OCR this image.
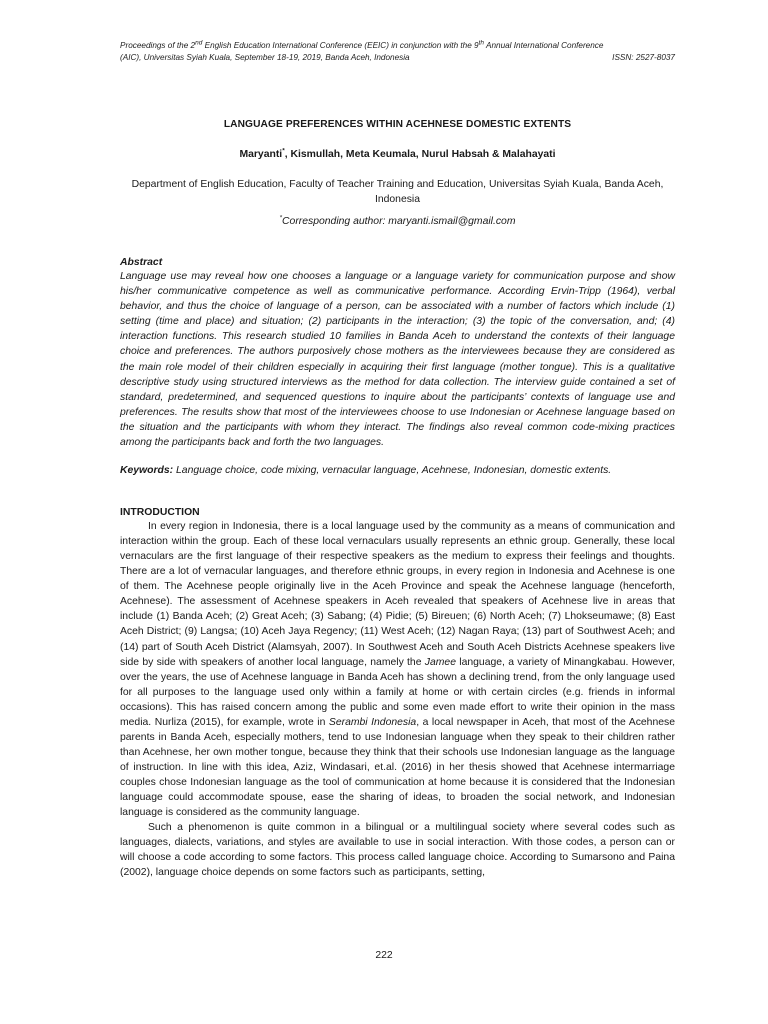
Proceedings of the 2nd English Education International Conference (EEIC) in conjunction with the 9th Annual International Conference
(AIC), Universitas Syiah Kuala, September 18-19, 2019, Banda Aceh, Indonesia	ISSN: 2527-8037
LANGUAGE PREFERENCES WITHIN ACEHNESE DOMESTIC EXTENTS
Maryanti*, Kismullah, Meta Keumala, Nurul Habsah & Malahayati
Department of English Education, Faculty of Teacher Training and Education, Universitas Syiah Kuala, Banda Aceh, Indonesia
*Corresponding author: maryanti.ismail@gmail.com
Abstract

Language use may reveal how one chooses a language or a language variety for communication purpose and show his/her communicative competence as well as communicative performance. According Ervin-Tripp (1964), verbal behavior, and thus the choice of language of a person, can be associated with a number of factors which include (1) setting (time and place) and situation; (2) participants in the interaction; (3) the topic of the conversation, and; (4) interaction functions. This research studied 10 families in Banda Aceh to understand the contexts of their language choice and preferences. The authors purposively chose mothers as the interviewees because they are considered as the main role model of their children especially in acquiring their first language (mother tongue). This is a qualitative descriptive study using structured interviews as the method for data collection. The interview guide contained a set of standard, predetermined, and sequenced questions to inquire about the participants’ contexts of language use and preferences. The results show that most of the interviewees choose to use Indonesian or Acehnese language based on the situation and the participants with whom they interact. The findings also reveal common code-mixing practices among the participants back and forth the two languages.

Keywords: Language choice, code mixing, vernacular language, Acehnese, Indonesian, domestic extents.
INTRODUCTION

In every region in Indonesia, there is a local language used by the community as a means of communication and interaction within the group. Each of these local vernaculars usually represents an ethnic group. Generally, these local vernaculars are the first language of their respective speakers as the medium to express their feelings and thoughts. There are a lot of vernacular languages, and therefore ethnic groups, in every region in Indonesia and Acehnese is one of them. The Acehnese people originally live in the Aceh Province and speak the Acehnese language (henceforth, Acehnese). The assessment of Acehnese speakers in Aceh revealed that speakers of Acehnese live in areas that include (1) Banda Aceh; (2) Great Aceh; (3) Sabang; (4) Pidie; (5) Bireuen; (6) North Aceh; (7) Lhokseumawe; (8) East Aceh District; (9) Langsa; (10) Aceh Jaya Regency; (11) West Aceh; (12) Nagan Raya; (13) part of Southwest Aceh; and (14) part of South Aceh District (Alamsyah, 2007). In Southwest Aceh and South Aceh Districts Acehnese speakers live side by side with speakers of another local language, namely the Jamee language, a variety of Minangkabau. However, over the years, the use of Acehnese language in Banda Aceh has shown a declining trend, from the only language used for all purposes to the language used only within a family at home or with certain circles (e.g. friends in informal occasions). This has raised concern among the public and some even made effort to write their opinion in the mass media. Nurliza (2015), for example, wrote in Serambi Indonesia, a local newspaper in Aceh, that most of the Acehnese parents in Banda Aceh, especially mothers, tend to use Indonesian language when they speak to their children rather than Acehnese, her own mother tongue, because they think that their schools use Indonesian language as the language of instruction. In line with this idea, Aziz, Windasari, et.al. (2016) in her thesis showed that Acehnese intermarriage couples chose Indonesian language as the tool of communication at home because it is considered that the Indonesian language could accommodate spouse, ease the sharing of ideas, to broaden the social network, and Indonesian language is considered as the community language.

Such a phenomenon is quite common in a bilingual or a multilingual society where several codes such as languages, dialects, variations, and styles are available to use in social interaction. With those codes, a person can or will choose a code according to some factors. This process called language choice. According to Sumarsono and Paina (2002), language choice depends on some factors such as participants, setting,

222
